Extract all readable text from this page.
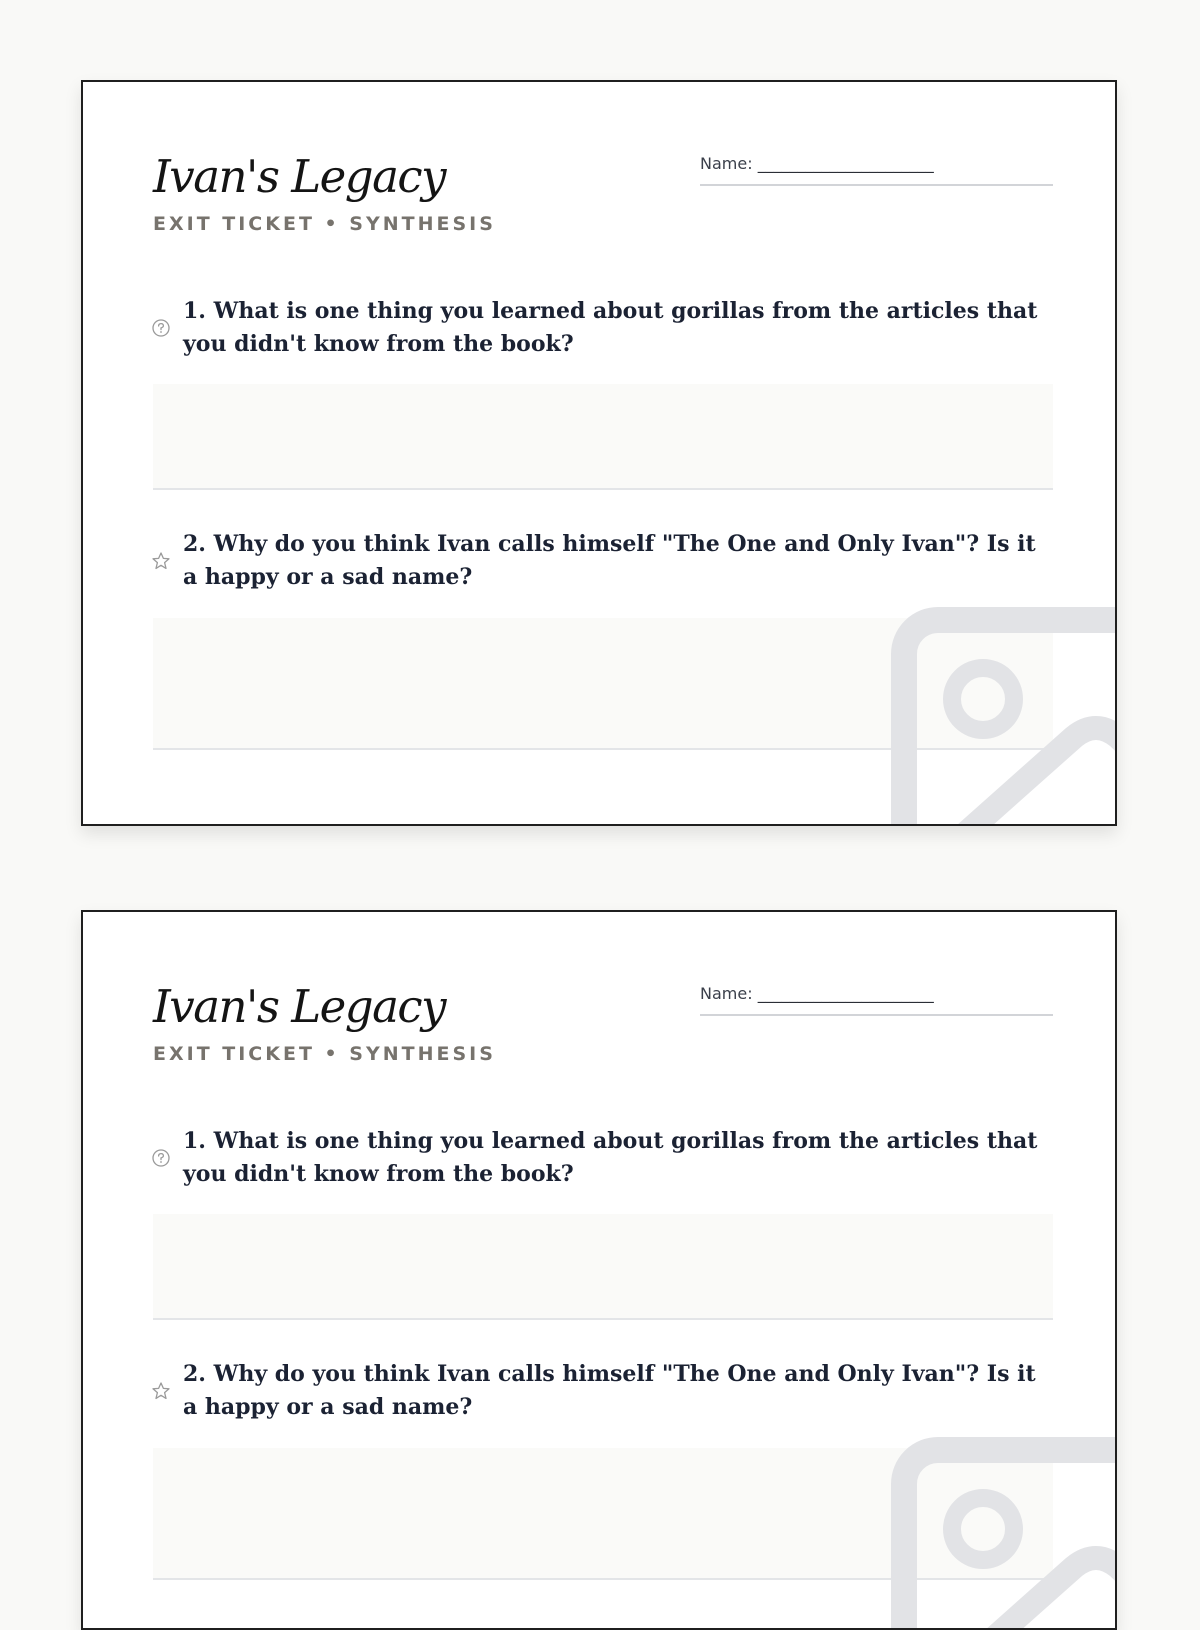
Ivan's Legacy
EXIT TICKET • SYNTHESIS
Name: ______________________
1. What is one thing you learned about gorillas from the articles that you didn't know from the book?
2. Why do you think Ivan calls himself "The One and Only Ivan"? Is it a happy or a sad name?
Ivan's Legacy
EXIT TICKET • SYNTHESIS
Name: ______________________
1. What is one thing you learned about gorillas from the articles that you didn't know from the book?
2. Why do you think Ivan calls himself "The One and Only Ivan"? Is it a happy or a sad name?
